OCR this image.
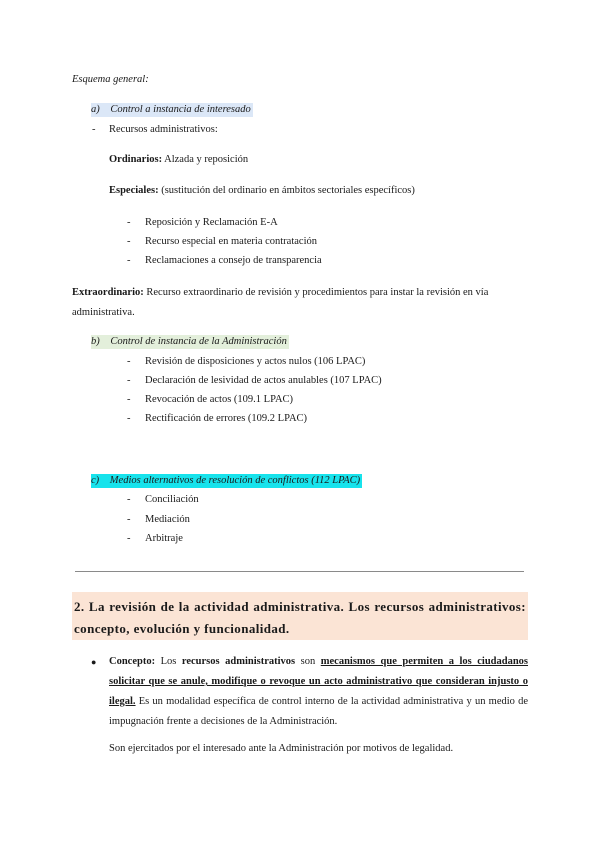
Esquema general:
a) Control a instancia de interesado
- Recursos administrativos:
Ordinarios: Alzada y reposición
Especiales: (sustitución del ordinario en ámbitos sectoriales específicos)
- Reposición y Reclamación E-A
- Recurso especial en materia contratación
- Reclamaciones a consejo de transparencia
Extraordinario: Recurso extraordinario de revisión y procedimientos para instar la revisión en vía
administrativa.
b) Control de instancia de la Administración
- Revisión de disposiciones y actos nulos (106 LPAC)
- Declaración de lesividad de actos anulables (107 LPAC)
- Revocación de actos (109.1 LPAC)
- Rectificación de errores (109.2 LPAC)
c) Medios alternativos de resolución de conflictos (112 LPAC)
- Conciliación
- Mediación
- Arbitraje
2. La revisión de la actividad administrativa. Los recursos administrativos: concepto, evolución y funcionalidad.
● Concepto: Los recursos administrativos son mecanismos que permiten a los ciudadanos solicitar que se anule, modifique o revoque un acto administrativo que consideran injusto o ilegal. Es un modalidad específica de control interno de la actividad administrativa y un medio de impugnación frente a decisiones de la Administración.
Son ejercitados por el interesado ante la Administración por motivos de legalidad.
